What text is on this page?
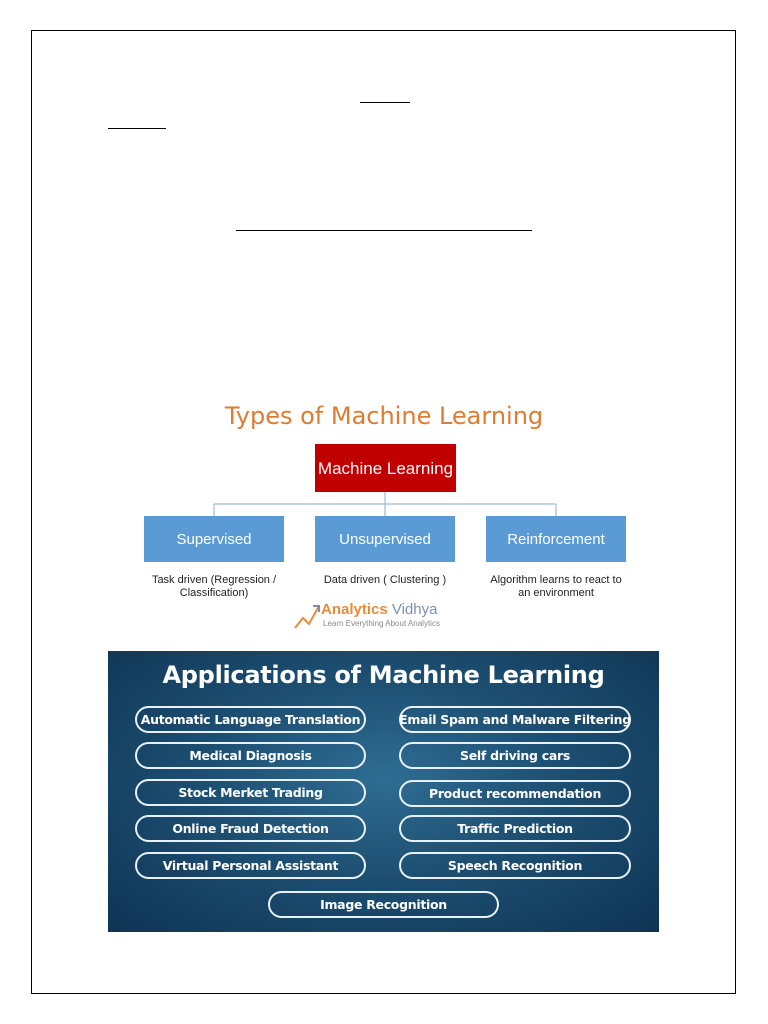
Types of Machine Learning
Machine Learning
Supervised	Unsupervised	Reinforcement
Task driven (Regression / Classification)
Data driven ( Clustering )	Algorithm learns to react to an environment
Analytics Vidhya
Learn Everything About Analytics
Applications of Machine Learning
Automatic Language Translation
Medical Diagnosis
Stock Merket Trading
Online Fraud Detection
Virtual Personal Assistant
Email Spam and Malware Filtering
Self driving cars
Product recommendation
Traffic Prediction
Speech Recognition
Image Recognition
